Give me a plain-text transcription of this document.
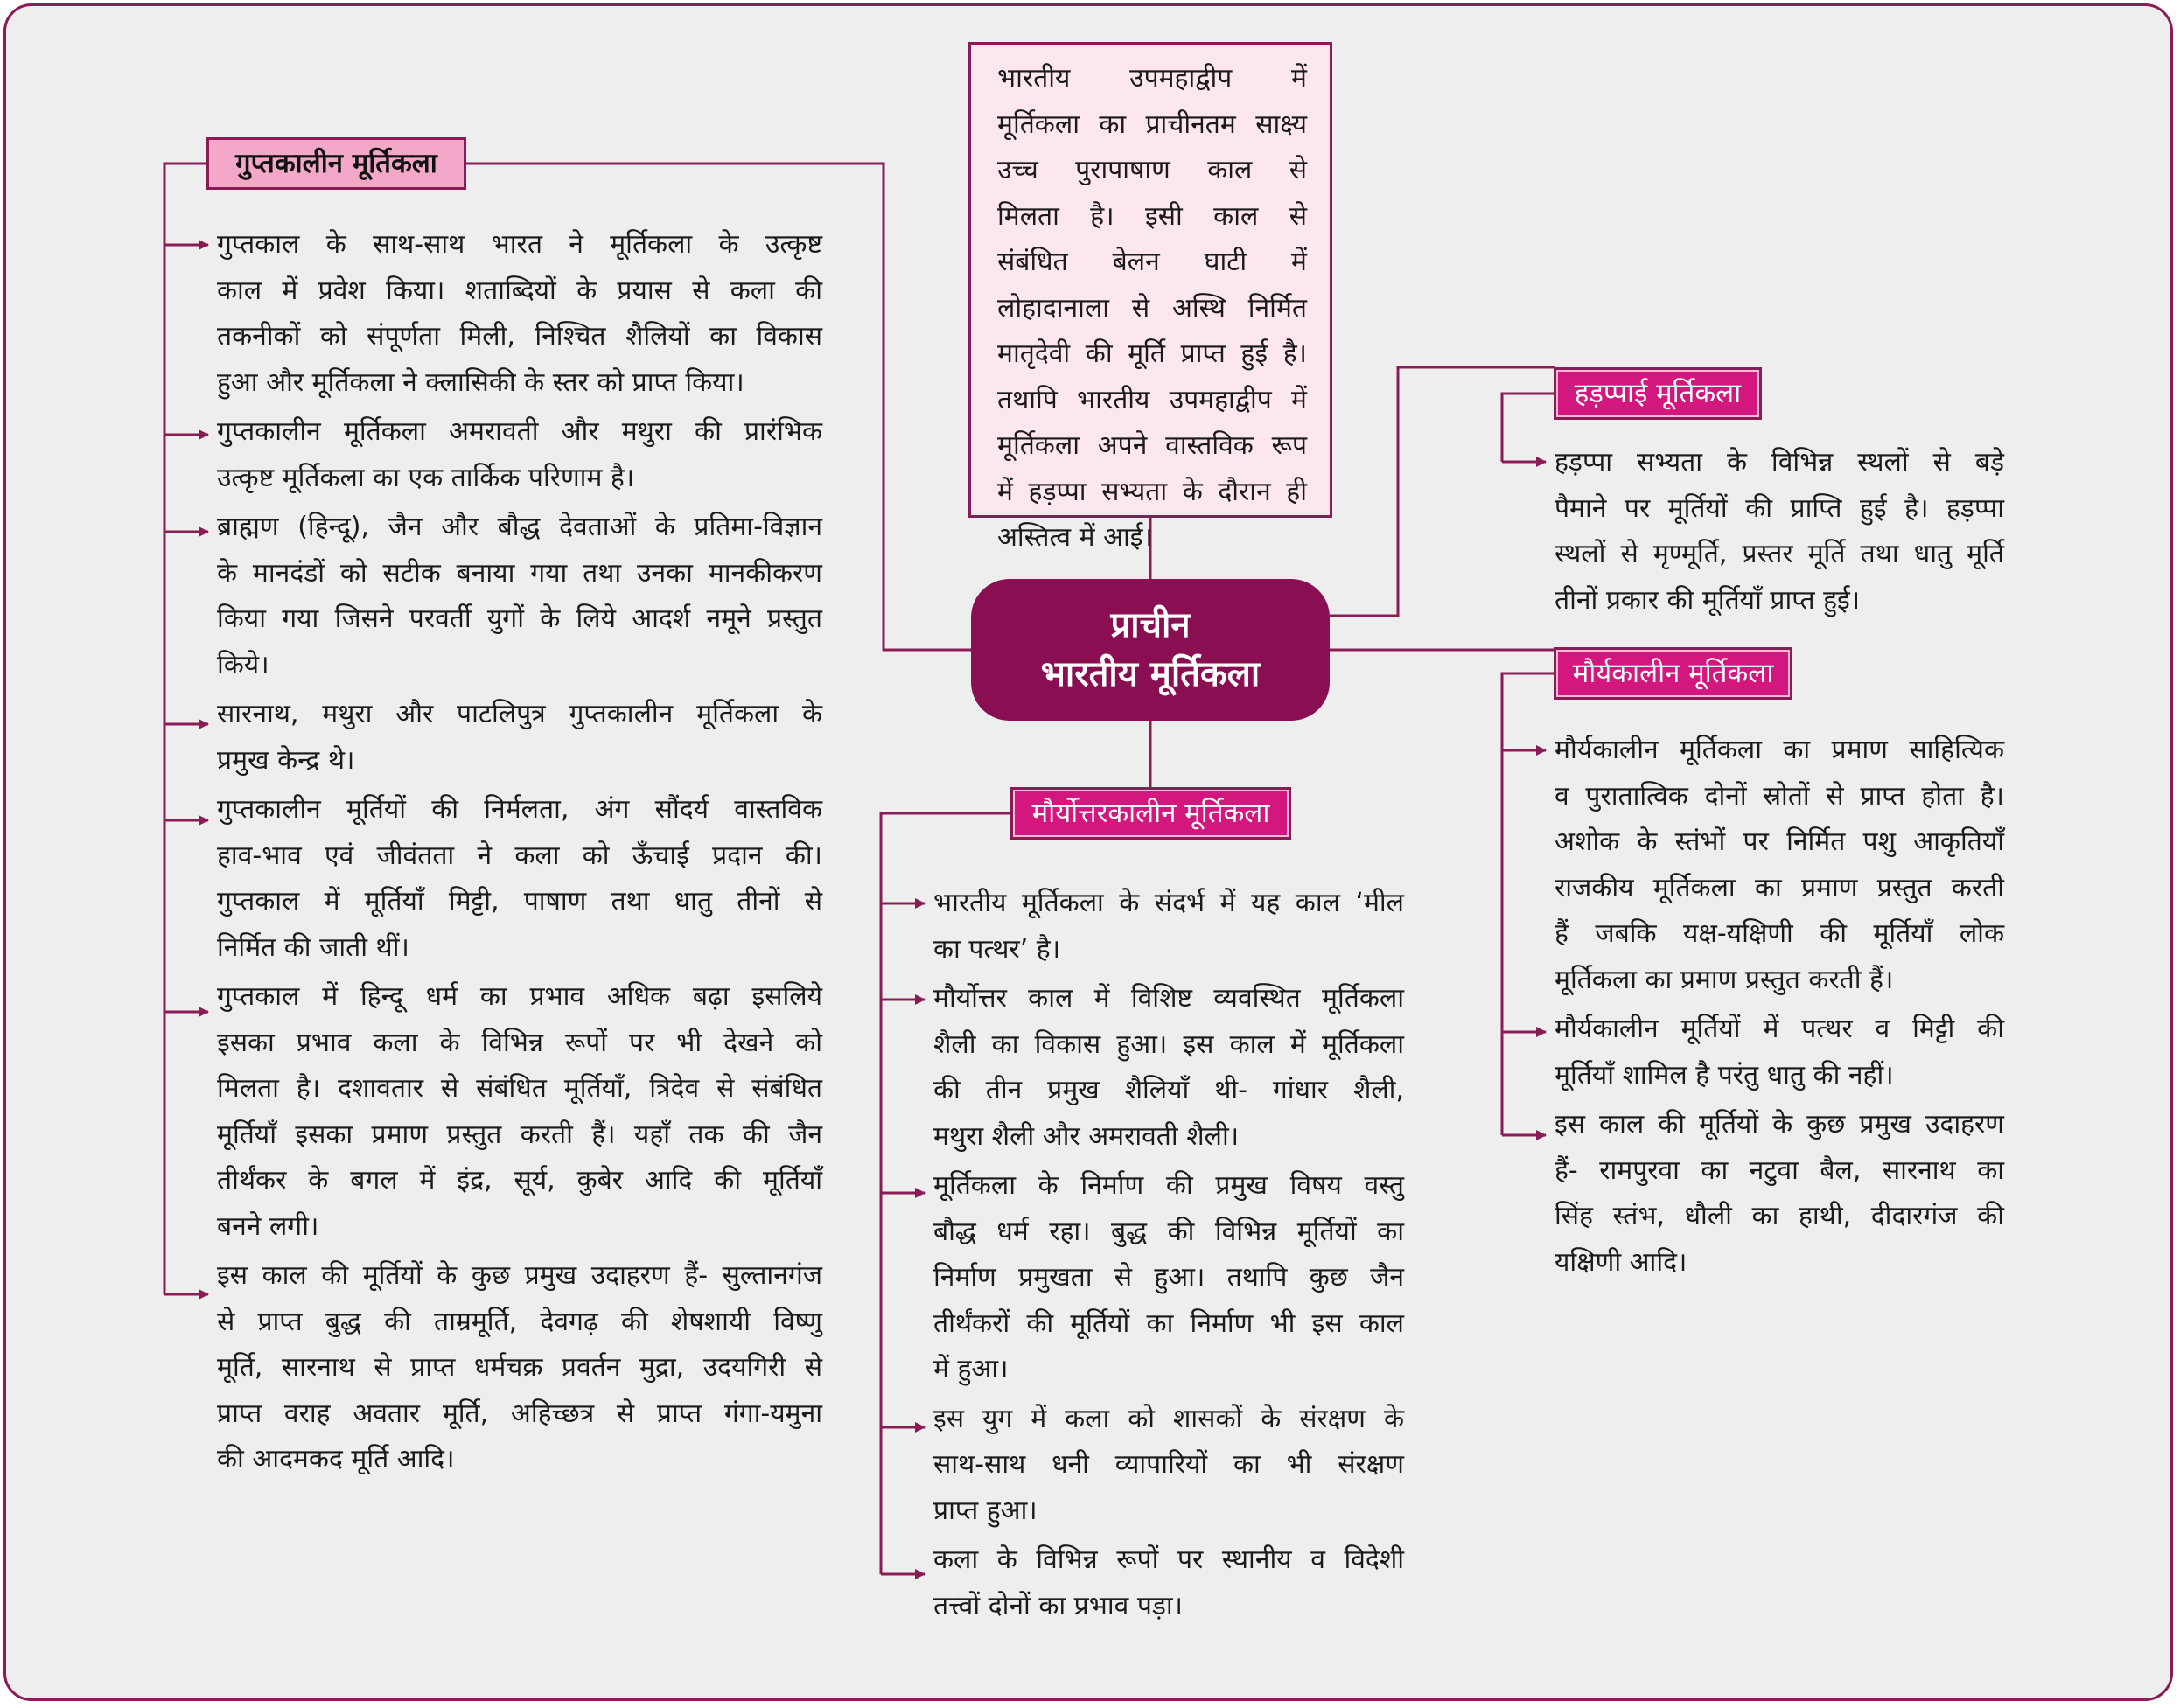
भारतीय उपमहाद्वीप में
मूर्तिकला का प्राचीनतम साक्ष्य
उच्च पुरापाषाण काल से
मिलता है। इसी काल से
संबंधित बेलन घाटी में
लोहादानाला से अस्थि निर्मित
मातृदेवी की मूर्ति प्राप्त हुई है।
तथापि भारतीय उपमहाद्वीप में
मूर्तिकला अपने वास्तविक रूप
में हड़प्पा सभ्यता के दौरान ही
अस्तित्व में आई।
प्राचीन
भारतीय मूर्तिकला
गुप्तकालीन मूर्तिकला
मौर्योत्तरकालीन मूर्तिकला
हड़प्पाई मूर्तिकला
मौर्यकालीन मूर्तिकला
गुप्तकाल के साथ-साथ भारत ने मूर्तिकला के उत्कृष्ट
काल में प्रवेश किया। शताब्दियों के प्रयास से कला की
तकनीकों को संपूर्णता मिली, निश्चित शैलियों का विकास
हुआ और मूर्तिकला ने क्लासिकी के स्तर को प्राप्त किया।
गुप्तकालीन मूर्तिकला अमरावती और मथुरा की प्रारंभिक
उत्कृष्ट मूर्तिकला का एक तार्किक परिणाम है।
ब्राह्मण (हिन्दू), जैन और बौद्ध देवताओं के प्रतिमा-विज्ञान
के मानदंडों को सटीक बनाया गया तथा उनका मानकीकरण
किया गया जिसने परवर्ती युगों के लिये आदर्श नमूने प्रस्तुत
किये।
सारनाथ, मथुरा और पाटलिपुत्र गुप्तकालीन मूर्तिकला के
प्रमुख केन्द्र थे।
गुप्तकालीन मूर्तियों की निर्मलता, अंग सौंदर्य वास्तविक
हाव-भाव एवं जीवंतता ने कला को ऊँचाई प्रदान की।
गुप्तकाल में मूर्तियाँ मिट्टी, पाषाण तथा धातु तीनों से
निर्मित की जाती थीं।
गुप्तकाल में हिन्दू धर्म का प्रभाव अधिक बढ़ा इसलिये
इसका प्रभाव कला के विभिन्न रूपों पर भी देखने को
मिलता है। दशावतार से संबंधित मूर्तियाँ, त्रिदेव से संबंधित
मूर्तियाँ इसका प्रमाण प्रस्तुत करती हैं। यहाँ तक की जैन
तीर्थंकर के बगल में इंद्र, सूर्य, कुबेर आदि की मूर्तियाँ
बनने लगी।
इस काल की मूर्तियों के कुछ प्रमुख उदाहरण हैं- सुल्तानगंज
से प्राप्त बुद्ध की ताम्रमूर्ति, देवगढ़ की शेषशायी विष्णु
मूर्ति, सारनाथ से प्राप्त धर्मचक्र प्रवर्तन मुद्रा, उदयगिरी से
प्राप्त वराह अवतार मूर्ति, अहिच्छत्र से प्राप्त गंगा-यमुना
की आदमकद मूर्ति आदि।
भारतीय मूर्तिकला के संदर्भ में यह काल ‘मील
का पत्थर’ है।
मौर्योत्तर काल में विशिष्ट व्यवस्थित मूर्तिकला
शैली का विकास हुआ। इस काल में मूर्तिकला
की तीन प्रमुख शैलियाँ थी- गांधार शैली,
मथुरा शैली और अमरावती शैली।
मूर्तिकला के निर्माण की प्रमुख विषय वस्तु
बौद्ध धर्म रहा। बुद्ध की विभिन्न मूर्तियों का
निर्माण प्रमुखता से हुआ। तथापि कुछ जैन
तीर्थंकरों की मूर्तियों का निर्माण भी इस काल
में हुआ।
इस युग में कला को शासकों के संरक्षण के
साथ-साथ धनी व्यापारियों का भी संरक्षण
प्राप्त हुआ।
कला के विभिन्न रूपों पर स्थानीय व विदेशी
तत्त्वों दोनों का प्रभाव पड़ा।
हड़प्पा सभ्यता के विभिन्न स्थलों से बड़े
पैमाने पर मूर्तियों की प्राप्ति हुई है। हड़प्पा
स्थलों से मृण्मूर्ति, प्रस्तर मूर्ति तथा धातु मूर्ति
तीनों प्रकार की मूर्तियाँ प्राप्त हुई।
मौर्यकालीन मूर्तिकला का प्रमाण साहित्यिक
व पुरातात्विक दोनों स्रोतों से प्राप्त होता है।
अशोक के स्तंभों पर निर्मित पशु आकृतियाँ
राजकीय मूर्तिकला का प्रमाण प्रस्तुत करती
हैं जबकि यक्ष-यक्षिणी की मूर्तियाँ लोक
मूर्तिकला का प्रमाण प्रस्तुत करती हैं।
मौर्यकालीन मूर्तियों में पत्थर व मिट्टी की
मूर्तियाँ शामिल है परंतु धातु की नहीं।
इस काल की मूर्तियों के कुछ प्रमुख उदाहरण
हैं- रामपुरवा का नटुवा बैल, सारनाथ का
सिंह स्तंभ, धौली का हाथी, दीदारगंज की
यक्षिणी आदि।
